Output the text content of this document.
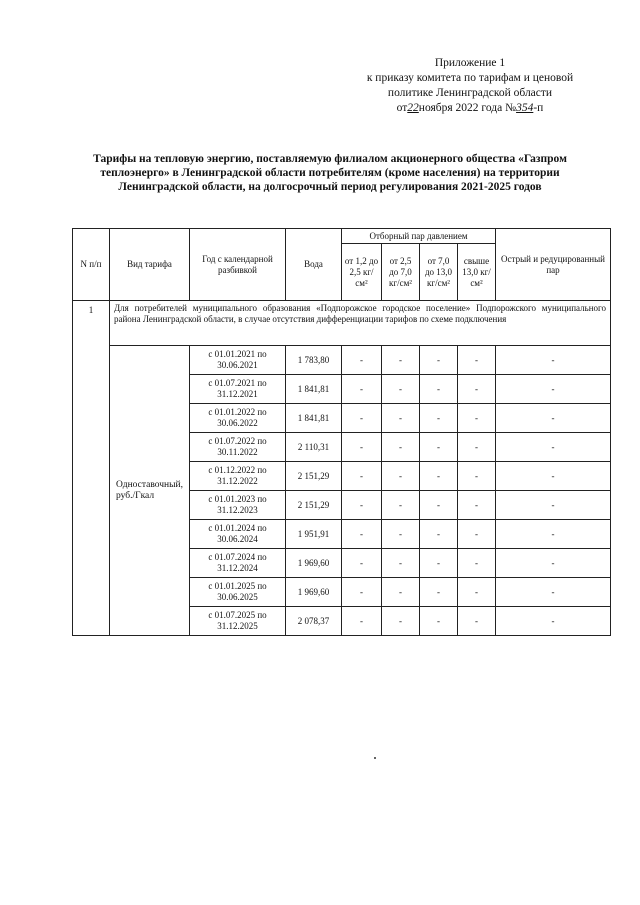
Приложение 1
к приказу комитета по тарифам и ценовой
политике Ленинградской области
от22ноября 2022 года №354-п
Тарифы на тепловую энергию, поставляемую филиалом акционерного общества «Газпром теплоэнерго» в Ленинградской области потребителям (кроме населения) на территории Ленинградской области, на долгосрочный период регулирования 2021-2025 годов
N п/п	Вид тарифа	Год с календарной разбивкой	Вода	Отборный пар давлением				Острый и редуцированный пар
				от 1,2 до 2,5 кг/см²	от 2,5 до 7,0 кг/см²	от 7,0 до 13,0 кг/см²	свыше 13,0 кг/см²	
1	Для потребителей муниципального образования «Подпорожское городское поселение» Подпорожского муниципального района Ленинградской области, в случае отсутствия дифференциации тарифов по схеме подключения							
	Одноставочный, руб./Гкал	с 01.01.2021 по 30.06.2021	1 783,80	-	-	-	-	-
		с 01.07.2021 по 31.12.2021	1 841,81	-	-	-	-	-
		с 01.01.2022 по 30.06.2022	1 841,81	-	-	-	-	-
		с 01.07.2022 по 30.11.2022	2 110,31	-	-	-	-	-
		с 01.12.2022 по 31.12.2022	2 151,29	-	-	-	-	-
		с 01.01.2023 по 31.12.2023	2 151,29	-	-	-	-	-
		с 01.01.2024 по 30.06.2024	1 951,91	-	-	-	-	-
		с 01.07.2024 по 31.12.2024	1 969,60	-	-	-	-	-
		с 01.01.2025 по 30.06.2025	1 969,60	-	-	-	-	-
		с 01.07.2025 по 31.12.2025	2 078,37	-	-	-	-	-
